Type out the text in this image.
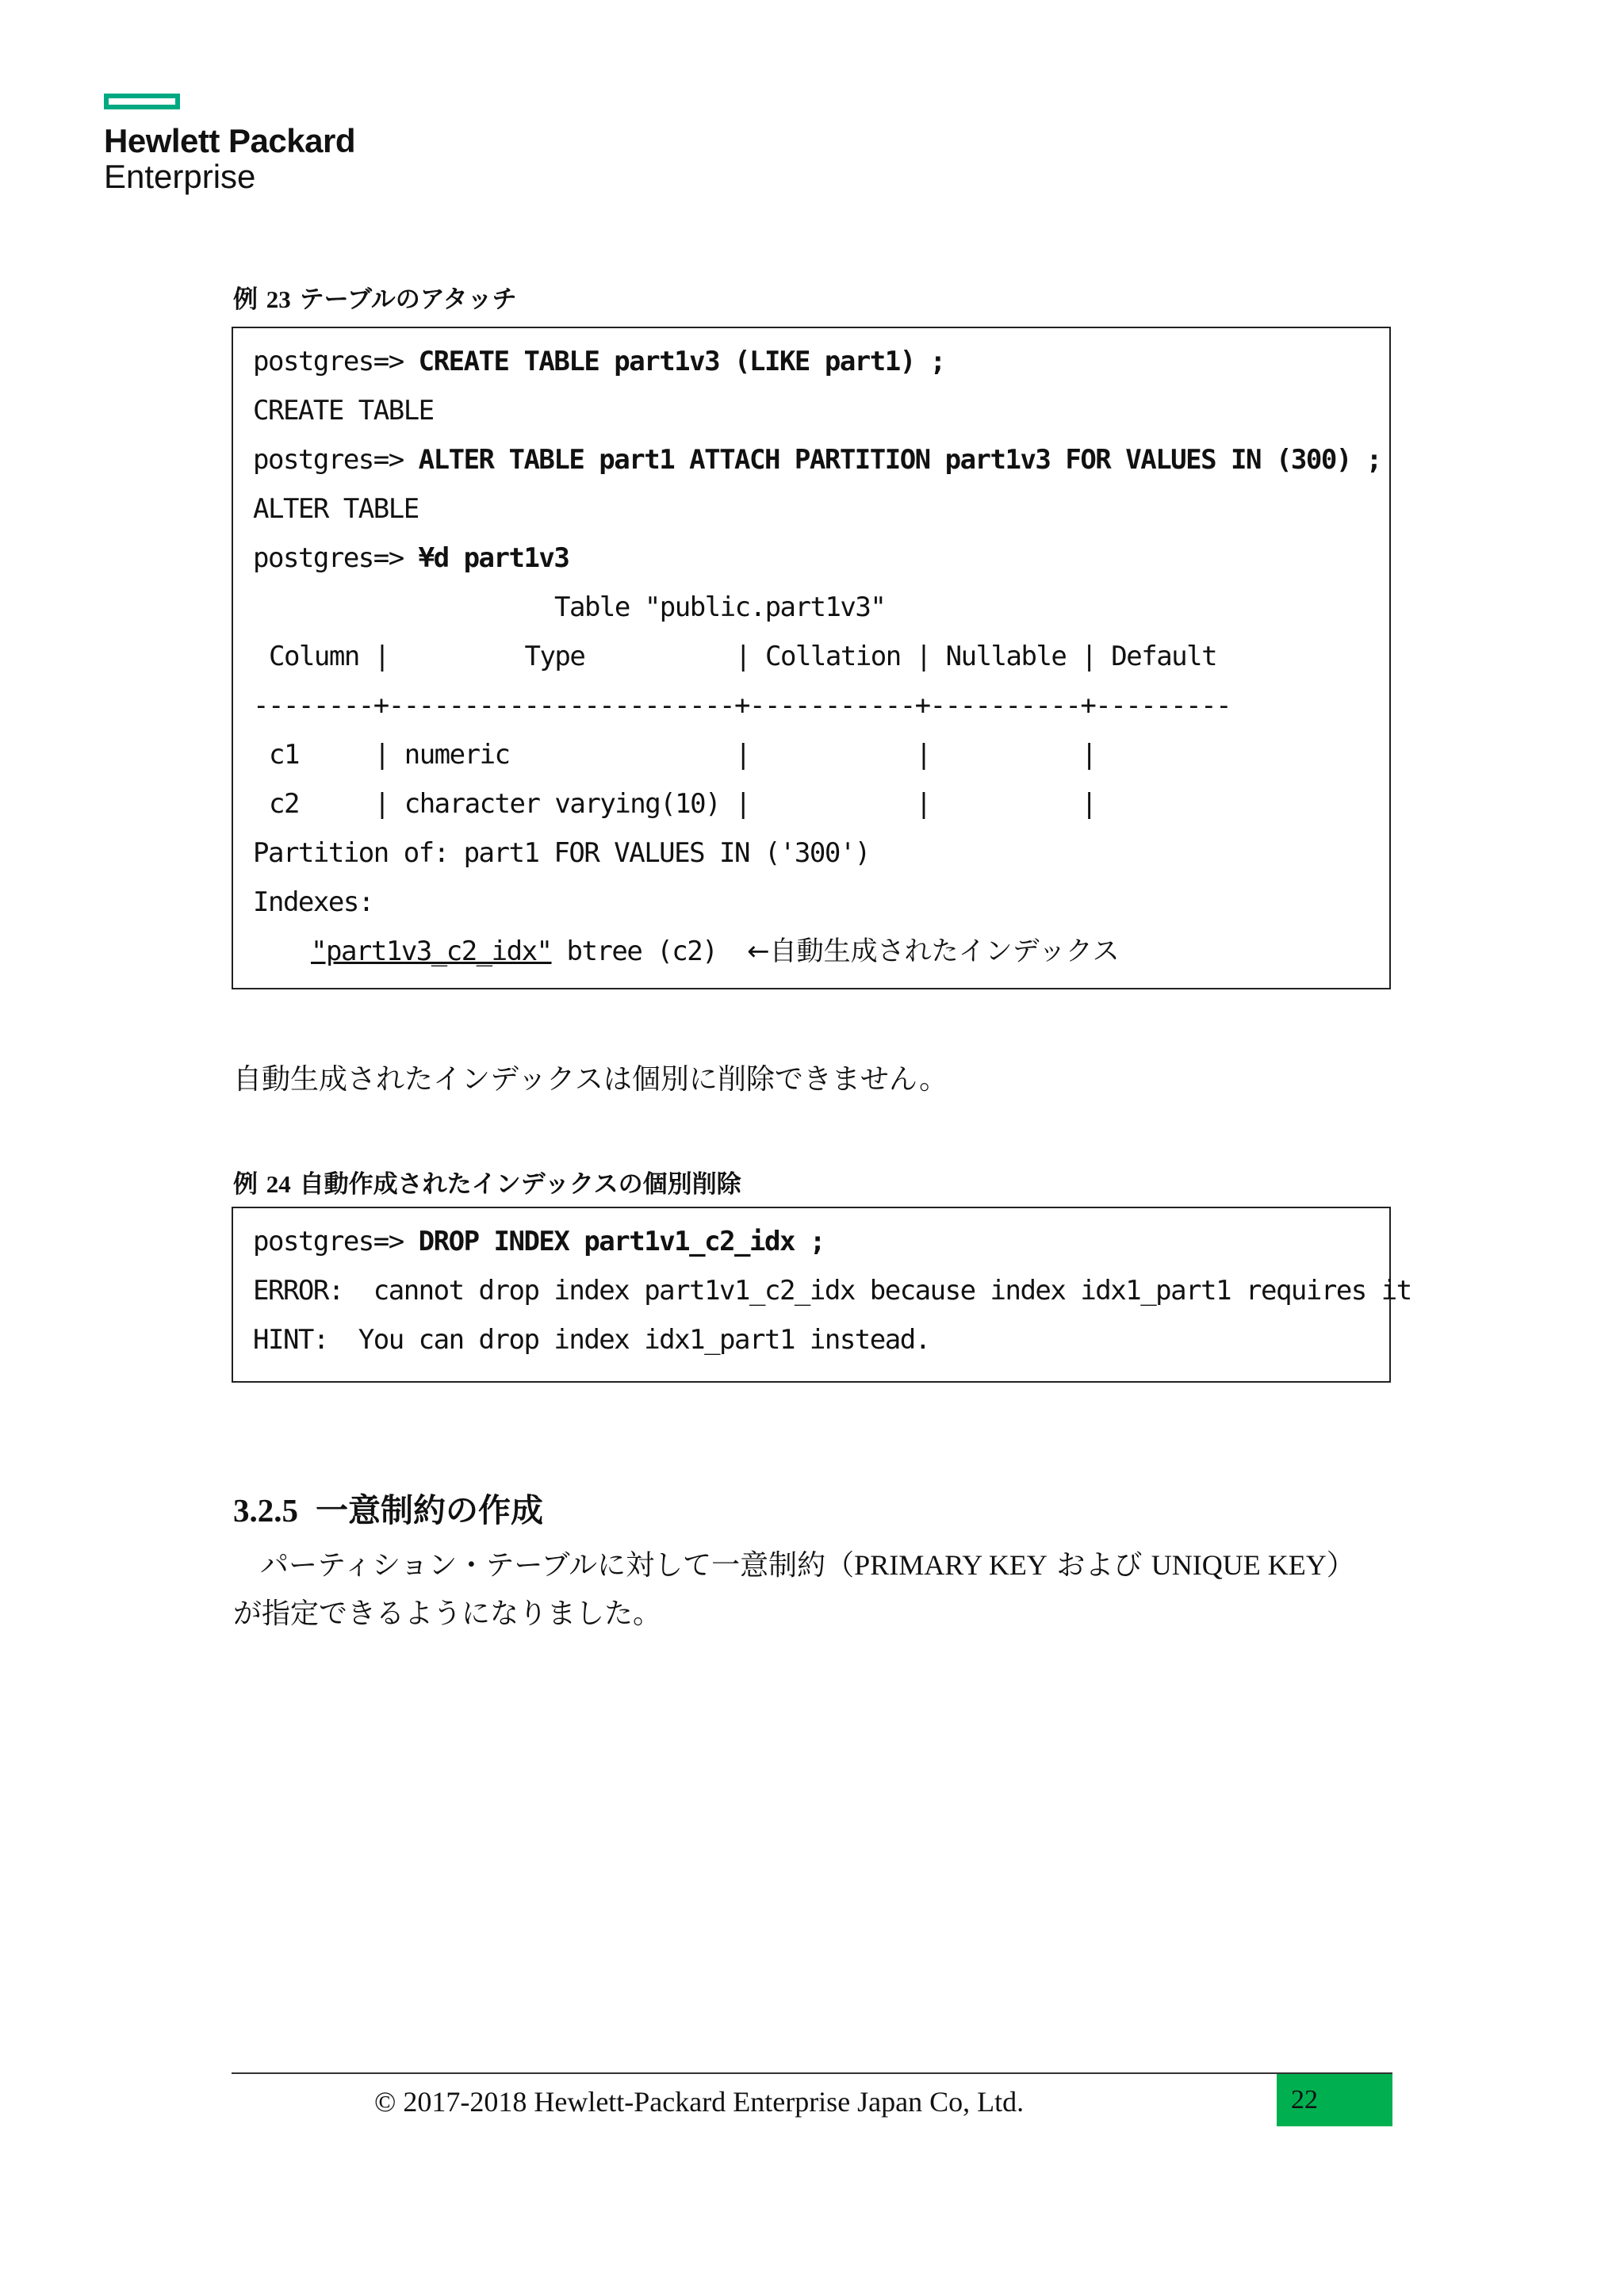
Hewlett Packard
Enterprise
例 23 テーブルのアタッチ
postgres=> CREATE TABLE part1v3 (LIKE part1) ;
CREATE TABLE
postgres=> ALTER TABLE part1 ATTACH PARTITION part1v3 FOR VALUES IN (300) ;
ALTER TABLE
postgres=> ¥d part1v3
Table "public.part1v3"
Column |         Type          | Collation | Nullable | Default
--------+-----------------------+-----------+----------+---------
c1     | numeric               |           |          |
c2     | character varying(10) |           |          |
Partition of: part1 FOR VALUES IN ('300')
Indexes:
"part1v3_c2_idx" btree (c2)  ←自動生成されたインデックス
自動生成されたインデックスは個別に削除できません。
例 24 自動作成されたインデックスの個別削除
postgres=> DROP INDEX part1v1_c2_idx ;
ERROR:  cannot drop index part1v1_c2_idx because index idx1_part1 requires it
HINT:  You can drop index idx1_part1 instead.
3.2.5 一意制約の作成
パーティション・テーブルに対して一意制約（PRIMARY KEY および UNIQUE KEY）
が指定できるようになりました。
© 2017-2018 Hewlett-Packard Enterprise Japan Co, Ltd.	22
